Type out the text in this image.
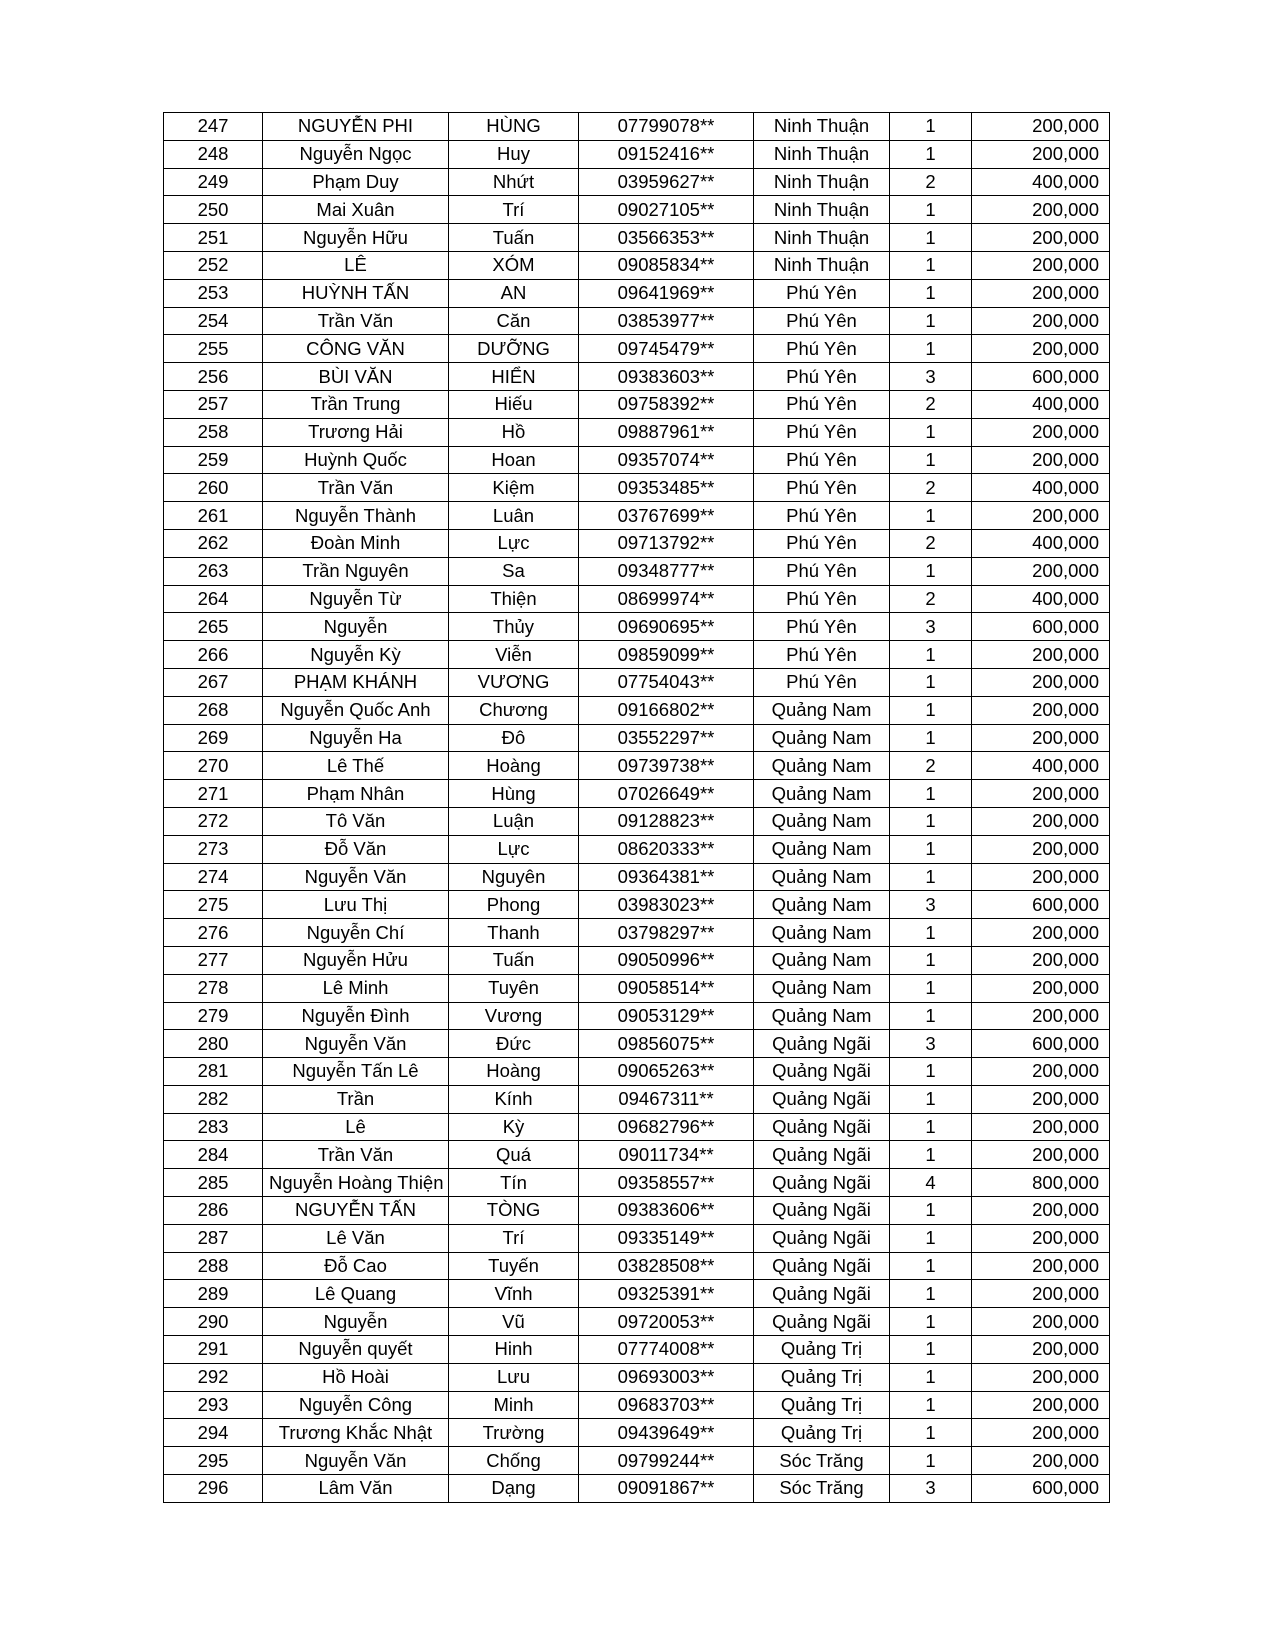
247	NGUYỄN PHI	HÙNG	07799078**	Ninh Thuận	1	200,000
248	Nguyễn Ngọc	Huy	09152416**	Ninh Thuận	1	200,000
249	Phạm Duy	Nhứt	03959627**	Ninh Thuận	2	400,000
250	Mai Xuân	Trí	09027105**	Ninh Thuận	1	200,000
251	Nguyễn Hữu	Tuấn	03566353**	Ninh Thuận	1	200,000
252	LÊ	XÓM	09085834**	Ninh Thuận	1	200,000
253	HUỲNH TẤN	AN	09641969**	Phú Yên	1	200,000
254	Trần Văn	Căn	03853977**	Phú Yên	1	200,000
255	CÔNG VĂN	DƯỠNG	09745479**	Phú Yên	1	200,000
256	BÙI VĂN	HIỂN	09383603**	Phú Yên	3	600,000
257	Trần Trung	Hiếu	09758392**	Phú Yên	2	400,000
258	Trương Hải	Hồ	09887961**	Phú Yên	1	200,000
259	Huỳnh Quốc	Hoan	09357074**	Phú Yên	1	200,000
260	Trần Văn	Kiệm	09353485**	Phú Yên	2	400,000
261	Nguyễn Thành	Luân	03767699**	Phú Yên	1	200,000
262	Đoàn Minh	Lực	09713792**	Phú Yên	2	400,000
263	Trần Nguyên	Sa	09348777**	Phú Yên	1	200,000
264	Nguyễn Từ	Thiện	08699974**	Phú Yên	2	400,000
265	Nguyễn	Thủy	09690695**	Phú Yên	3	600,000
266	Nguyễn Kỳ	Viễn	09859099**	Phú Yên	1	200,000
267	PHẠM KHÁNH	VƯƠNG	07754043**	Phú Yên	1	200,000
268	Nguyễn Quốc Anh	Chương	09166802**	Quảng Nam	1	200,000
269	Nguyễn Ha	Đô	03552297**	Quảng Nam	1	200,000
270	Lê Thế	Hoàng	09739738**	Quảng Nam	2	400,000
271	Phạm Nhân	Hùng	07026649**	Quảng Nam	1	200,000
272	Tô Văn	Luận	09128823**	Quảng Nam	1	200,000
273	Đỗ Văn	Lực	08620333**	Quảng Nam	1	200,000
274	Nguyễn Văn	Nguyên	09364381**	Quảng Nam	1	200,000
275	Lưu Thị	Phong	03983023**	Quảng Nam	3	600,000
276	Nguyễn Chí	Thanh	03798297**	Quảng Nam	1	200,000
277	Nguyễn Hửu	Tuấn	09050996**	Quảng Nam	1	200,000
278	Lê Minh	Tuyên	09058514**	Quảng Nam	1	200,000
279	Nguyễn Đình	Vương	09053129**	Quảng Nam	1	200,000
280	Nguyễn Văn	Đức	09856075**	Quảng Ngãi	3	600,000
281	Nguyễn Tấn Lê	Hoàng	09065263**	Quảng Ngãi	1	200,000
282	Trần	Kính	09467311**	Quảng Ngãi	1	200,000
283	Lê	Kỳ	09682796**	Quảng Ngãi	1	200,000
284	Trần Văn	Quá	09011734**	Quảng Ngãi	1	200,000
285	Nguyễn Hoàng Thiện	Tín	09358557**	Quảng Ngãi	4	800,000
286	NGUYỄN TẤN	TÒNG	09383606**	Quảng Ngãi	1	200,000
287	Lê Văn	Trí	09335149**	Quảng Ngãi	1	200,000
288	Đỗ Cao	Tuyến	03828508**	Quảng Ngãi	1	200,000
289	Lê Quang	Vĩnh	09325391**	Quảng Ngãi	1	200,000
290	Nguyễn	Vũ	09720053**	Quảng Ngãi	1	200,000
291	Nguyễn quyết	Hinh	07774008**	Quảng Trị	1	200,000
292	Hồ Hoài	Lưu	09693003**	Quảng Trị	1	200,000
293	Nguyễn Công	Minh	09683703**	Quảng Trị	1	200,000
294	Trương Khắc Nhật	Trường	09439649**	Quảng Trị	1	200,000
295	Nguyễn Văn	Chống	09799244**	Sóc Trăng	1	200,000
296	Lâm Văn	Dạng	09091867**	Sóc Trăng	3	600,000
